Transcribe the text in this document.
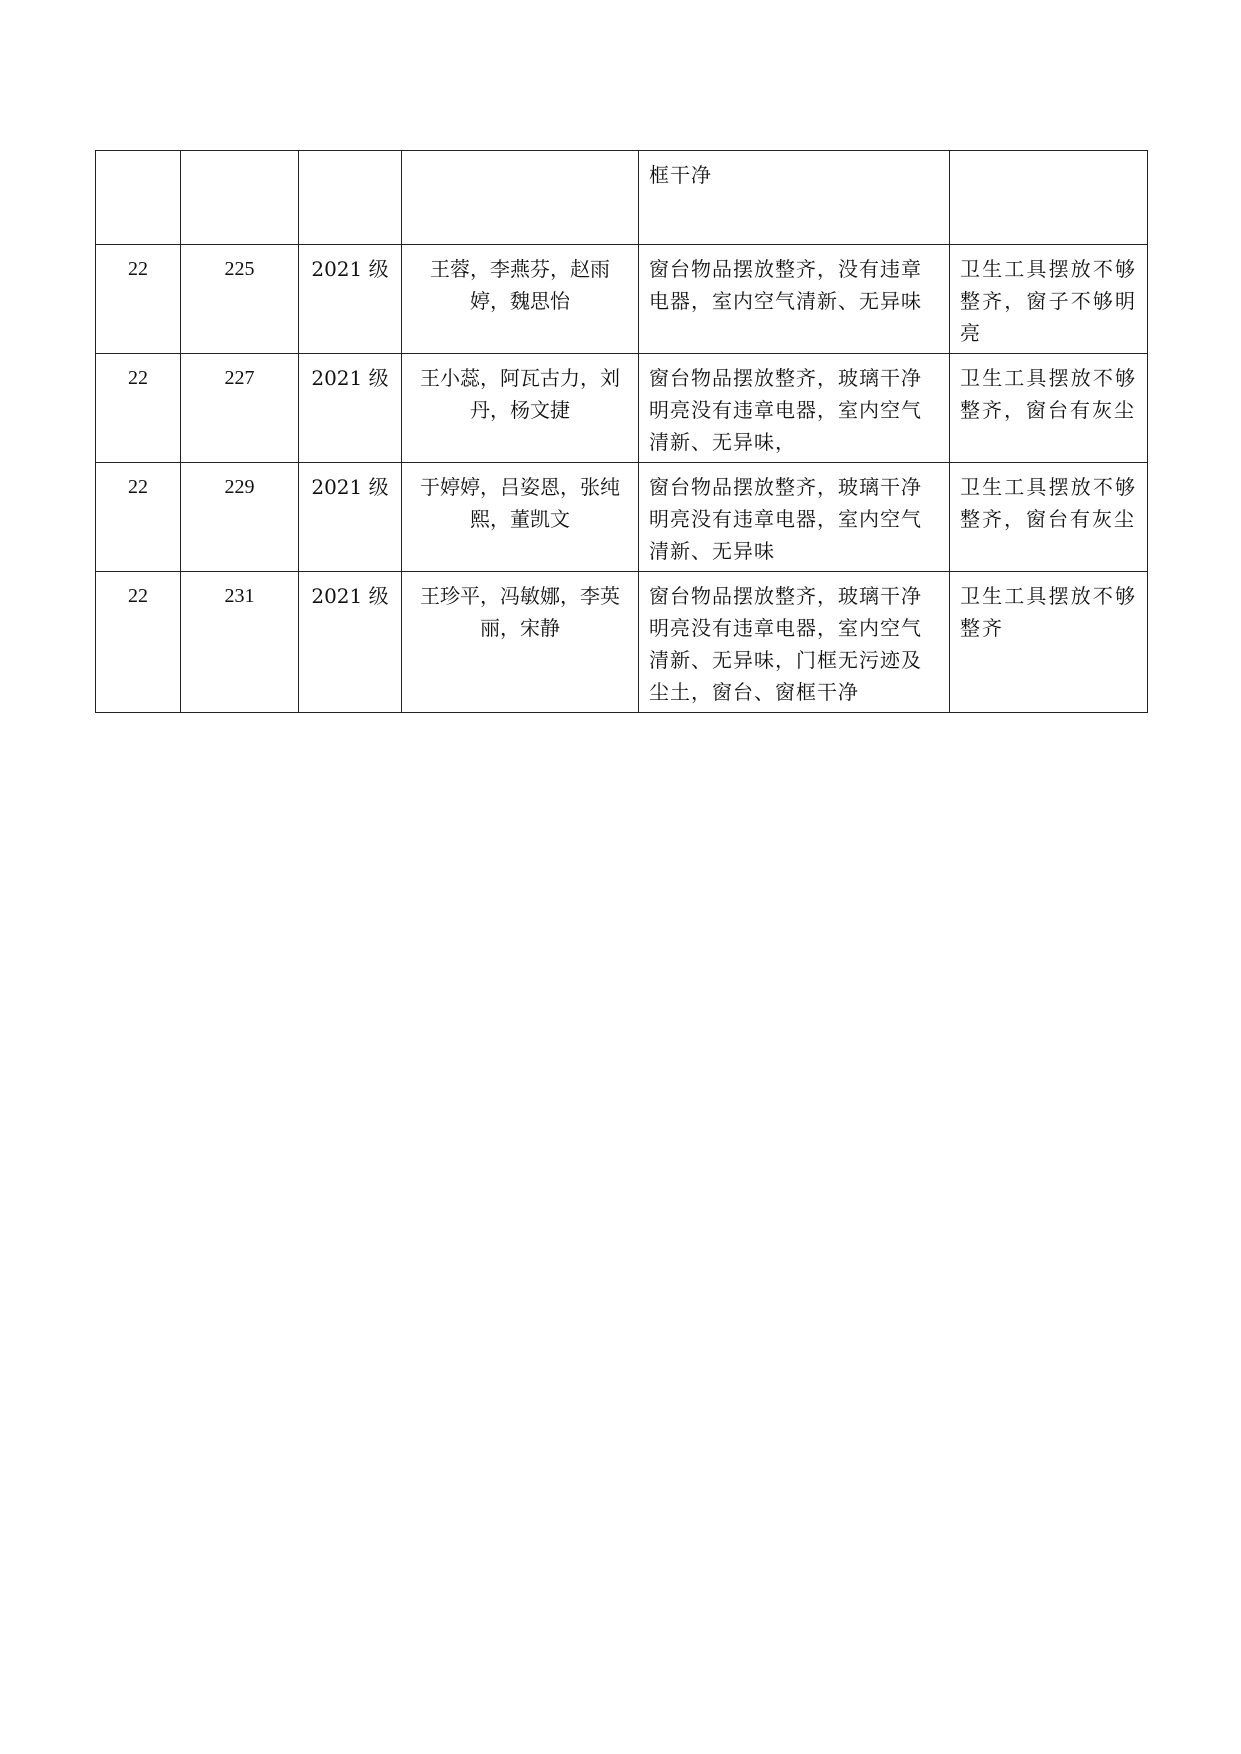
				框干净	
22	225	2021 级	王蓉，李燕芬，赵雨婷，魏思怡	窗台物品摆放整齐，没有违章电器，室内空气清新、无异味	卫生工具摆放不够整齐，窗子不够明亮
22	227	2021 级	王小蕊，阿瓦古力，刘丹，杨文捷	窗台物品摆放整齐，玻璃干净明亮没有违章电器，室内空气清新、无异味，	卫生工具摆放不够整齐，窗台有灰尘
22	229	2021 级	于婷婷，吕姿恩，张纯熙，董凯文	窗台物品摆放整齐，玻璃干净明亮没有违章电器，室内空气清新、无异味	卫生工具摆放不够整齐，窗台有灰尘
22	231	2021 级	王珍平，冯敏娜，李英丽，宋静	窗台物品摆放整齐，玻璃干净明亮没有违章电器，室内空气清新、无异味，门框无污迹及尘土，窗台、窗框干净	卫生工具摆放不够整齐
